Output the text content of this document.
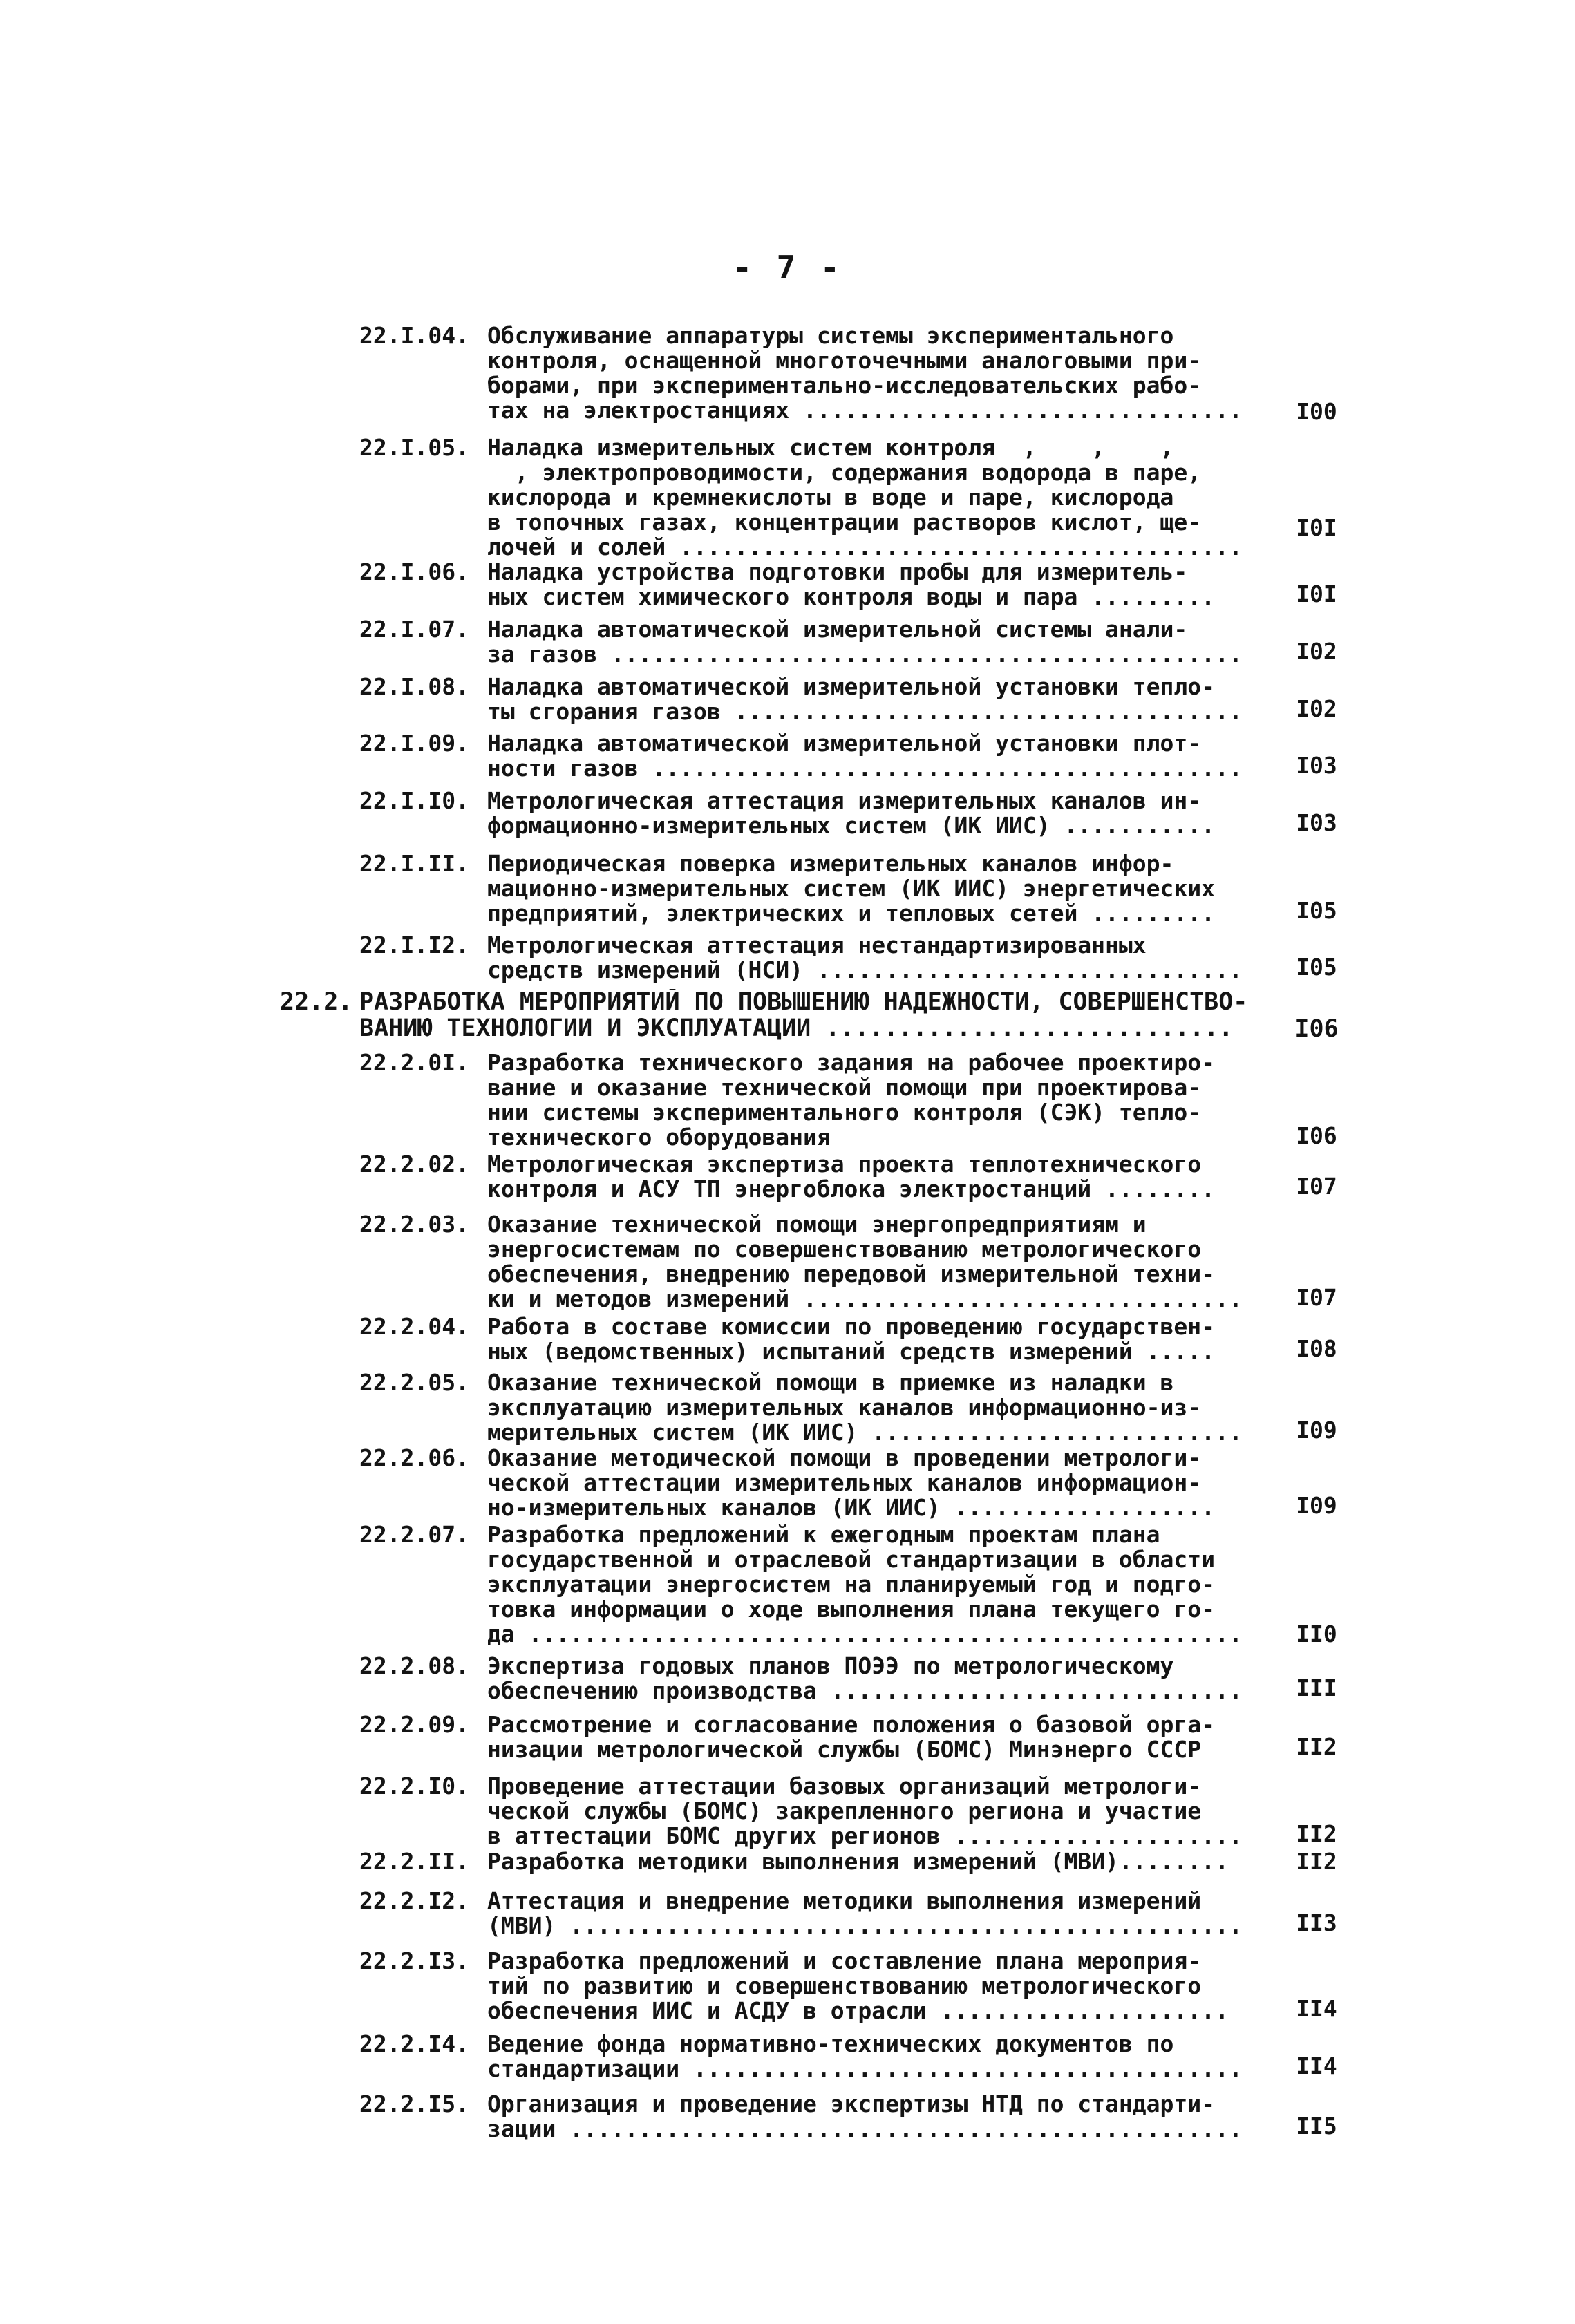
- 7 -
22.I.04. Обслуживание аппаратуры системы экспериментального
контроля, оснащенной многоточечными аналоговыми при-
борами, при экспериментально-исследовательских рабо-
тах на электростанциях ................................	I00
22.I.05. Наладка измерительных систем контроля  ,    ,    ,
, электропроводимости, содержания водорода в паре,
кислорода и кремнекислоты в воде и паре, кислорода
в топочных газах, концентрации растворов кислот, ще-
лочей и солей .........................................
I0I
22.I.06. Наладка устройства подготовки пробы для измеритель-
ных систем химического контроля воды и пара .........	I0I
22.I.07. Наладка автоматической измерительной системы анали-
за газов ..............................................	I02
22.I.08. Наладка автоматической измерительной установки тепло-
ты сгорания газов .....................................	I02
22.I.09. Наладка автоматической измерительной установки плот-
ности газов ...........................................	I03
22.I.I0. Метрологическая аттестация измерительных каналов ин-
формационно-измерительных систем (ИК ИИС) ...........	I03
22.I.II. Периодическая поверка измерительных каналов инфор-
мационно-измерительных систем (ИК ИИС) энергетических
предприятий, электрических и тепловых сетей .........	I05
22.I.I2. Метрологическая аттестация нестандартизированных
средств измерений (НСИ) ...............................	I05
22.2. РАЗРАБОТКА МЕРОПРИЯТИЙ ПО ПОВЫШЕНИЮ НАДЕЖНОСТИ, СОВЕРШЕНСТВО-
ВАНИЮ ТЕХНОЛОГИИ И ЭКСПЛУАТАЦИИ ............................	I06
22.2.0I. Разработка технического задания на рабочее проектиро-
вание и оказание технической помощи при проектирова-
нии системы экспериментального контроля (СЭК) тепло-
технического оборудования	I06
22.2.02. Метрологическая экспертиза проекта теплотехнического
контроля и АСУ ТП энергоблока электростанций ........	I07
22.2.03. Оказание технической помощи энергопредприятиям и
энергосистемам по совершенствованию метрологического
обеспечения, внедрению передовой измерительной техни-
ки и методов измерений ................................	I07
22.2.04. Работа в составе комиссии по проведению государствен-
ных (ведомственных) испытаний средств измерений .....	I08
22.2.05. Оказание технической помощи в приемке из наладки в
эксплуатацию измерительных каналов информационно-из-
мерительных систем (ИК ИИС) ...........................	I09
22.2.06. Оказание методической помощи в проведении метрологи-
ческой аттестации измерительных каналов информацион-
но-измерительных каналов (ИК ИИС) ...................	I09
22.2.07. Разработка предложений к ежегодным проектам плана
государственной и отраслевой стандартизации в области
эксплуатации энергосистем на планируемый год и подго-
товка информации о ходе выполнения плана текущего го-
да ....................................................	II0
22.2.08. Экспертиза годовых планов ПОЭЭ по метрологическому
обеспечению производства ..............................	III
22.2.09. Рассмотрение и согласование положения о базовой орга-
низации метрологической службы (БОМС) Минэнерго СССР	II2
22.2.I0. Проведение аттестации базовых организаций метрологи-
ческой службы (БОМС) закрепленного региона и участие
в аттестации БОМС других регионов .....................	II2
22.2.II. Разработка методики выполнения измерений (МВИ)........	II2
22.2.I2. Аттестация и внедрение методики выполнения измерений
(МВИ) .................................................	II3
22.2.I3. Разработка предложений и составление плана мероприя-
тий по развитию и совершенствованию метрологического
обеспечения ИИС и АСДУ в отрасли .....................	II4
22.2.I4. Ведение фонда нормативно-технических документов по
стандартизации ........................................	II4
22.2.I5. Организация и проведение экспертизы НТД по стандарти-
зации .................................................	II5
